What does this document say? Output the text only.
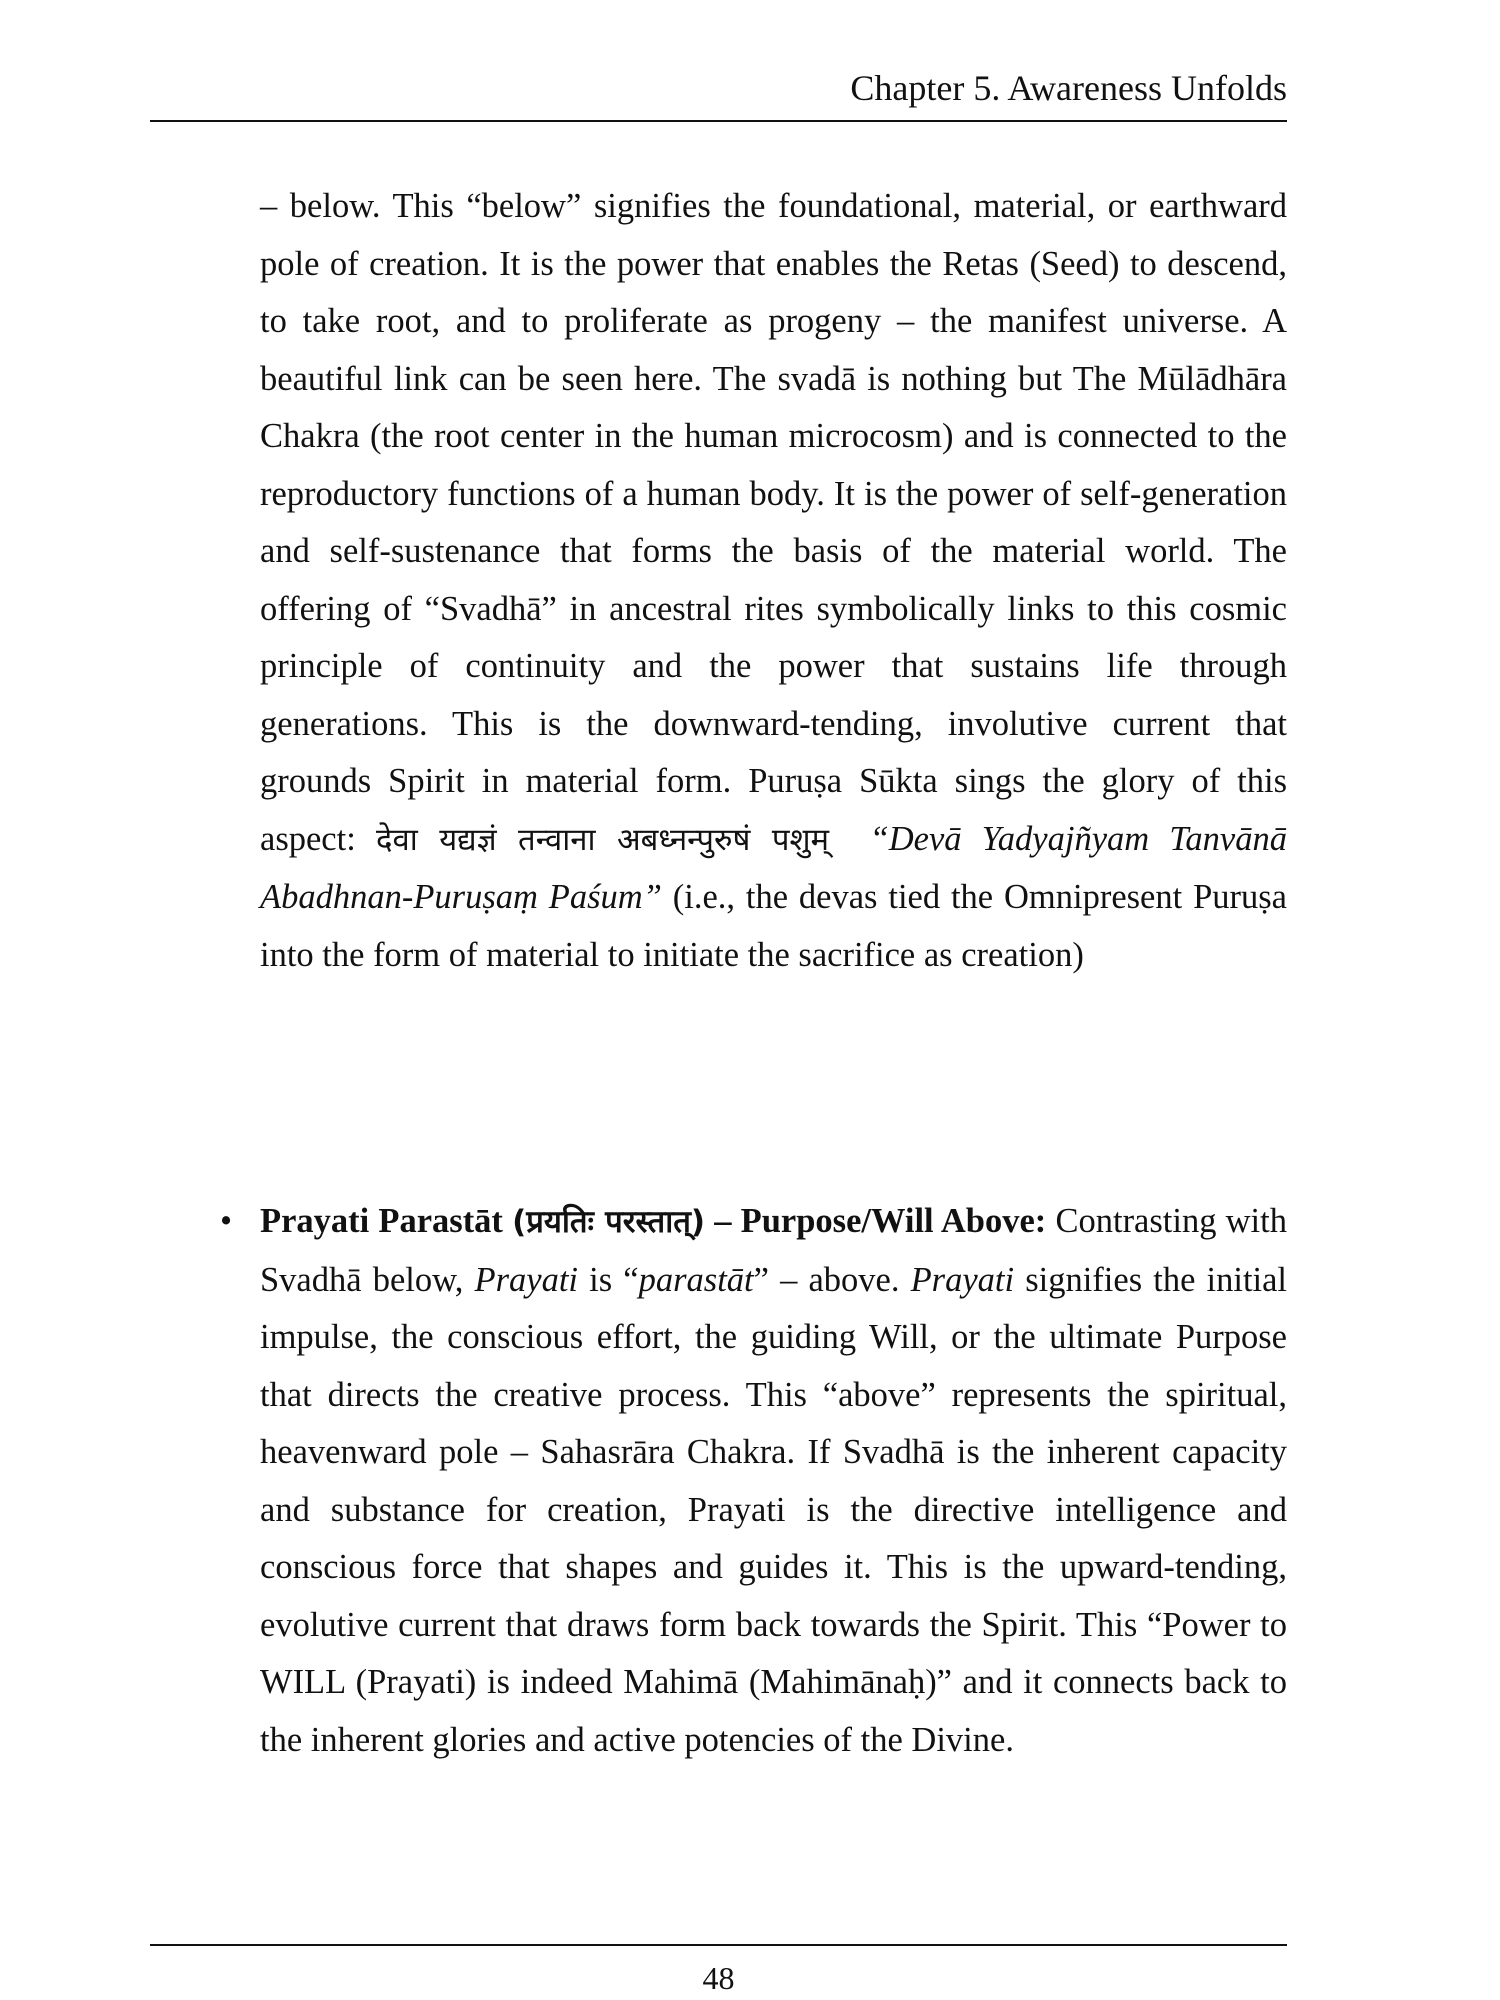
Chapter 5. Awareness Unfolds

– below. This “below” signifies the foundational, material, or earthward pole of creation. It is the power that enables the Retas (Seed) to descend, to take root, and to proliferate as progeny – the manifest universe. A beautiful link can be seen here. The svadā is nothing but The Mūlādhāra Chakra (the root center in the human microcosm) and is connected to the reproductory functions of a human body. It is the power of self-generation and self-sustenance that forms the basis of the material world. The offering of “Svadhā” in ancestral rites symbolically links to this cosmic principle of continuity and the power that sustains life through generations. This is the downward-tending, involutive current that grounds Spirit in material form. Puruṣa Sūkta sings the glory of this aspect: देवा यद्यज्ञं तन्वाना अबध्नन्पुरुषं पशुम् “Devā Yadyajñyam Tanvānā Abadhnan-Puruṣaṃ Paśum” (i.e., the devas tied the Omnipresent Puruṣa into the form of material to initiate the sacrifice as creation)

• Prayati Parastāt (प्रयतिः परस्तात्) – Purpose/Will Above: Contrasting with Svadhā below, Prayati is “parastāt” – above. Prayati signifies the initial impulse, the conscious effort, the guiding Will, or the ultimate Purpose that directs the creative process. This “above” represents the spiritual, heavenward pole – Sahasrāra Chakra. If Svadhā is the inherent capacity and substance for creation, Prayati is the directive intelligence and conscious force that shapes and guides it. This is the upward-tending, evolutive current that draws form back towards the Spirit. This “Power to WILL (Prayati) is indeed Mahimā (Mahimānaḥ)” and it connects back to the inherent glories and active potencies of the Divine.
48
